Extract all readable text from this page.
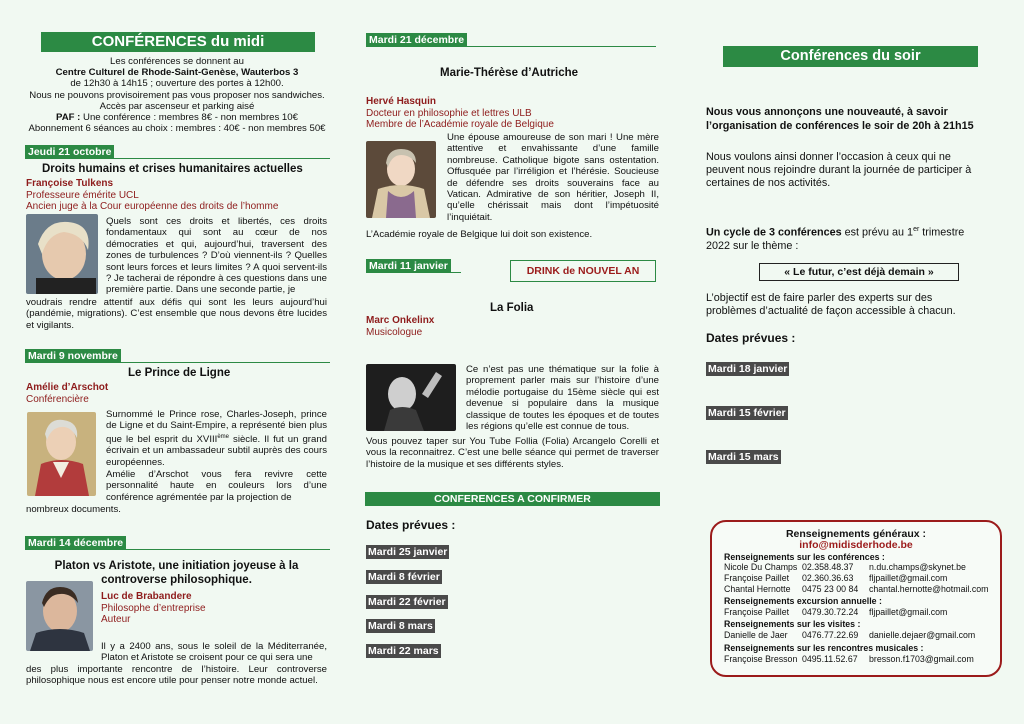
CONFÉRENCES du midi
Les conférences se donnent au
Centre Culturel de Rhode-Saint-Genèse, Wauterbos 3
de 12h30 à 14h15 ; ouverture des portes à 12h00.
Nous ne pouvons provisoirement pas vous proposer nos sandwiches.
Accès par ascenseur et parking aisé
PAF : Une conférence : membres 8€ - non membres 10€
Abonnement 6 séances au choix : membres : 40€ - non membres 50€
Jeudi 21 octobre
Droits humains et crises humanitaires actuelles
Françoise Tulkens
Professeure émérite UCL
Ancien juge à la Cour européenne des droits de l’homme
Quels sont ces droits et libertés, ces droits fondamentaux qui sont au cœur de nos démocraties et qui, aujourd’hui, traversent des zones de turbulences ? D’où viennent-ils ? Quelles sont leurs forces et leurs limites ? A quoi servent-ils ? Je tacherai de répondre à ces questions dans une première partie. Dans une seconde partie, je
voudrais rendre attentif aux défis qui sont les leurs aujourd’hui (pandémie, migrations). C’est ensemble que nous devons être lucides et vigilants.
Mardi 9 novembre
Le Prince de Ligne
Amélie d’Arschot
Conférencière
Surnommé le Prince rose, Charles-Joseph, prince de Ligne et du Saint-Empire, a représenté bien plus que le bel esprit du XVIIIème siècle. Il fut un grand écrivain et un ambassadeur subtil auprès des cours européennes.
Amélie d’Arschot vous fera revivre cette personnalité haute en couleurs lors d’une conférence agrémentée par la projection de
nombreux documents.
Mardi 14 décembre
Platon vs Aristote, une initiation joyeuse à la
controverse philosophique.
Luc de Brabandere
Philosophe d’entreprise
Auteur
Il y a 2400 ans, sous le soleil de la Méditerranée, Platon et Aristote se croisent pour ce qui sera une
des plus importante rencontre de l’histoire. Leur controverse philosophique nous est encore utile pour penser notre monde actuel.
Mardi 21 décembre
Marie-Thérèse d’Autriche
Hervé Hasquin
Docteur en philosophie et lettres ULB
Membre de l’Académie royale de Belgique
Une épouse amoureuse de son mari ! Une mère attentive et envahissante d’une famille nombreuse. Catholique bigote sans ostentation. Offusquée par l’irréligion et l’hérésie. Soucieuse de défendre ses droits souverains face au Vatican. Admirative de son héritier, Joseph II, qu’elle chérissait mais dont l’impétuosité l’inquiétait.
L’Académie royale de Belgique lui doit son existence.
Mardi 11 janvier	DRINK de NOUVEL AN
La Folia
Marc Onkelinx
Musicologue
Ce n’est pas une thématique sur la folie à proprement parler mais sur l’histoire d’une mélodie portugaise du 15ème siècle qui est devenue si populaire dans la musique classique de toutes les époques et de toutes les régions qu’elle est connue de tous.
Vous pouvez taper sur You Tube Follia (Folia) Arcangelo Corelli et vous la reconnaitrez. C’est une belle séance qui permet de traverser l’histoire de la musique et ses différents styles.
CONFERENCES A CONFIRMER
Dates prévues :
Mardi 25 janvier
Mardi 8 février
Mardi 22 février
Mardi 8 mars
Mardi 22 mars
Conférences du soir
Nous vous annonçons une nouveauté, à savoir
l’organisation de conférences le soir de 20h à 21h15
Nous voulons ainsi donner l’occasion à ceux qui ne peuvent nous rejoindre durant la journée de participer à certaines de nos activités.
Un cycle de 3 conférences est prévu au 1er trimestre
2022 sur le thème :
« Le futur, c’est déjà demain »
L’objectif est de faire parler des experts sur des problèmes d’actualité de façon accessible à chacun.
Dates prévues :
Mardi 18 janvier
Mardi 15 février
Mardi 15 mars
Renseignements généraux :
info@midisderhode.be
Renseignements sur les conférences :
Nicole Du Champs 02.358.48.37 n.du.champs@skynet.be
Françoise Paillet 02.360.36.63 fljpaillet@gmail.com
Chantal Hernotte 0475 23 00 84 chantal.hernotte@hotmail.com
Renseignements excursion annuelle :
Françoise Paillet 0479.30.72.24 fljpaillet@gmail.com
Renseignements sur les visites :
Danielle de Jaer 0476.77.22.69 danielle.dejaer@gmail.com
Renseignements sur les rencontres musicales :
Françoise Bresson 0495.11.52.67 bresson.f1703@gmail.com
